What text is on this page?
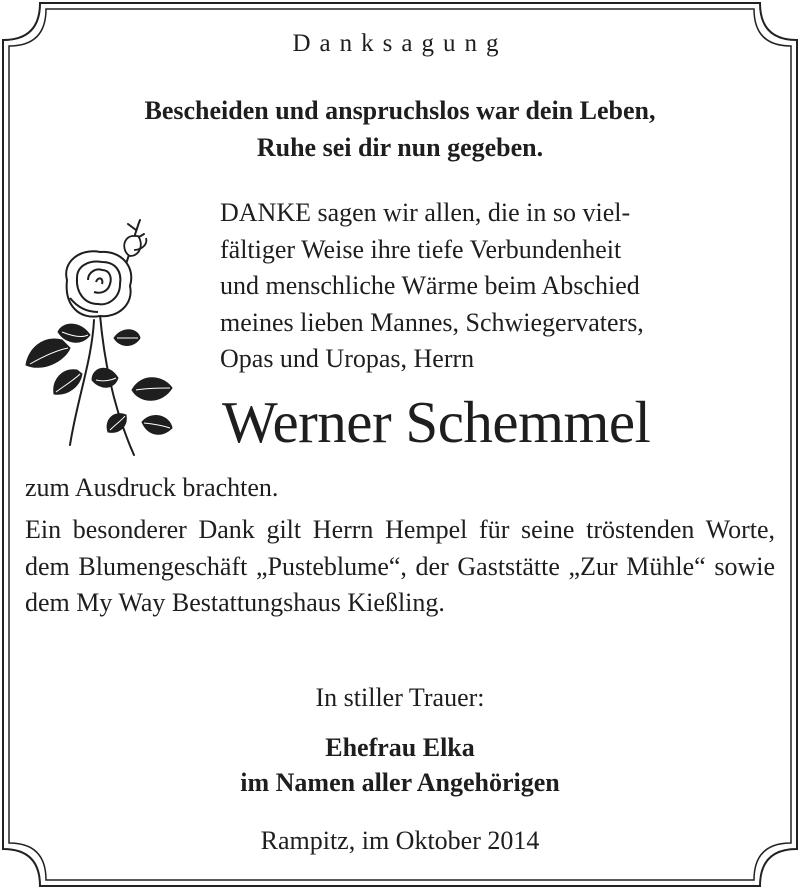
Danksagung
Bescheiden und anspruchslos war dein Leben,
Ruhe sei dir nun gegeben.
DANKE sagen wir allen, die in so viel-
fältiger Weise ihre tiefe Verbundenheit
und menschliche Wärme beim Abschied
meines lieben Mannes, Schwiegervaters,
Opas und Uropas, Herrn
Werner Schemmel

zum Ausdruck brachten.

Ein besonderer Dank gilt Herrn Hempel für seine tröstenden Worte, dem Blumengeschäft „Pusteblume“, der Gaststätte „Zur Mühle“ sowie dem My Way Bestattungshaus Kießling.

In stiller Trauer:
Ehefrau Elka
im Namen aller Angehörigen
Rampitz, im Oktober 2014
